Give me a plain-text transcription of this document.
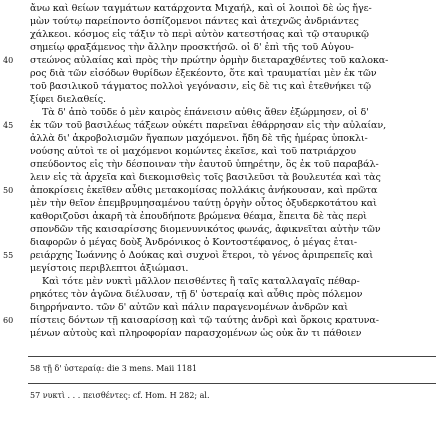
ἄνω καὶ θείων ταγμάτων κατάρχοντα Μιχαήλ, καὶ οἱ λοιποὶ δὲ ὡς ἤγε-
μὼν τούτῳ παρείποντο ὁσπίζομενοι πάντες καὶ ἀτεχνῶς ἀνδριάντες
χάλκεοι. κόσμος εἰς τάξιν τὸ περὶ αὐτὸν κατεστήσας καὶ τῷ σταυρικῷ
σημείῳ φραξάμενος τὴν ἄλλην προσκτήσῶ. οἱ δ' ἐπὶ τῆς τοῦ Αὐγου-
40	στεώνος αὐλαίας καὶ πρὸς τὴν πρώτην ὁρμὴν διεταραχθέντες τοῦ καλοκα-
ρος διὰ τῶν εἰσόδων θυρίδων ἐξεκέοντο, ὅτε καὶ τραυματίαι μὲν ἐκ τῶν
τοῦ βασιλικοῦ τάγματος πολλοὶ γεγόνασιν, εἰς δὲ τις καὶ ἐτεθνήκει τῷ
ξίφει διελαθείς.
Τὰ δ' ἀπὸ τοῦδε ὁ μὲν καιρὸς ἐπάνεισιν αὐθις ἄθεν ἐξώρμησεν, οἱ δ'
45	ἐκ τῶν τοῦ βασιλέως τάξεων οὐκέτι παρεῖναι ἐθάρρησαν εἰς τὴν αὐλαίαν,
ἀλλὰ δι' ἀκροβολισμῶν ἤγαπων μαχόμενοι. ἤδη δὲ τῆς ἡμέρας ὑποκλι-
νούσης αὐτοὶ τε οἱ μαχόμενοι κομώντες ἐκεῖσε, καὶ τοῦ πατριάρχου
σπεύδοντος εἰς τὴν δέσποιναν τὴν ἑαυτοῦ ὑπηρέτην, ὃς ἐκ τοῦ παραβάλ-
λειν εἰς τὰ ἀρχεῖα καὶ διεκομισθεὶς τοῖς βασιλεῦσι τὰ βουλευτέα καὶ τὰς
50	ἀποκρίσεις ἐκεῖθεν αὖθις μετακομίσας πολλάκις ἀνήκουσαν, καὶ πρῶτα
μὲν τὴν θεῖον ἐπεμβρυμησαμένου ταύτῃ ὀργὴν οὗτος ὀξυδερκοτάτου καὶ
καθοριζοῦσι ἀκαρῆ τὰ ἐπουδήποτε βρώμενα θέαμα, ἔπειτα δὲ τὰς περὶ
σπονδῶν τῆς καισαρίσσης διομενυνικότος φωνάς, ἀφικνεῖται αὐτὴν τῶν
διαφορῶν ὁ μέγας δοὺξ Ἀνδρόνικος ὁ Κοντοστέφανος, ὁ μέγας ἑται-
55	ρειάρχης Ἰωάννης ὁ Δούκας καὶ συχνοὶ ἕτεροι, τὸ γένος ἀριπρεπεῖς καὶ
μεγίστοις περιβλεπτοι ἀξιώμασι.
Καὶ τότε μὲν νυκτὶ μᾶλλον πεισθέντες ἢ ταῖς καταλλαγαῖς πέθαρ-
ρηκότες τὸν ἀγῶνα διέλυσαν, τῇ δ' ὑστεραίᾳ καὶ αὖθις πρὸς πόλεμον
διηρρήναντο. τῶν δ' αὐτῶν καὶ πάλιν παραγενομένων ἀνδρῶν καὶ
60	πίστεις δόντων τῇ καισαρίσσῃ καὶ τῷ ταύτης ἀνδρὶ καὶ ὅρκοις κρατυνα-
μένων αὐτοὺς καὶ πληροφορίαν παρασχομένων ὡς οὐκ ἂν τι πάθοιεν
58 τῇ δ' ὑστεραίᾳ: die 3 mens. Maii 1181
57 νυκτὶ . . . πεισθέντες: cf. Hom. H 282; al.
